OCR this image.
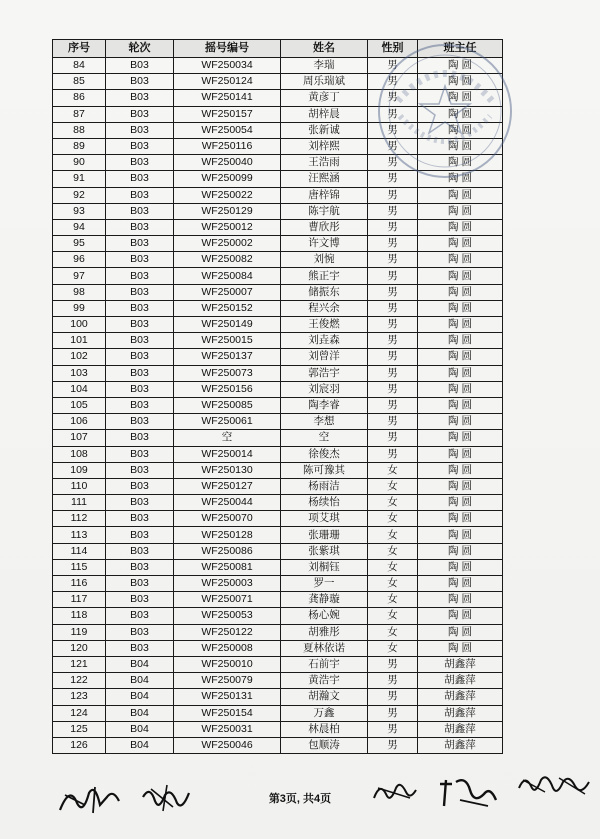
序号	轮次	摇号编号	姓名	性别	班主任
84	B03	WF250034	李瑞	男	陶 圆
85	B03	WF250124	周乐瑞斌	男	陶 圆
86	B03	WF250141	黄彦丁	男	陶 圆
87	B03	WF250157	胡梓晨	男	陶 圆
88	B03	WF250054	张新诚	男	陶 圆
89	B03	WF250116	刘梓熙	男	陶 圆
90	B03	WF250040	王浩雨	男	陶 圆
91	B03	WF250099	汪熙涵	男	陶 圆
92	B03	WF250022	唐梓锦	男	陶 圆
93	B03	WF250129	陈宇航	男	陶 圆
94	B03	WF250012	曹欣彤	男	陶 圆
95	B03	WF250002	许文博	男	陶 圆
96	B03	WF250082	刘惋	男	陶 圆
97	B03	WF250084	熊正宇	男	陶 圆
98	B03	WF250007	储振东	男	陶 圆
99	B03	WF250152	程兴余	男	陶 圆
100	B03	WF250149	王俊燃	男	陶 圆
101	B03	WF250015	刘垚森	男	陶 圆
102	B03	WF250137	刘曾洋	男	陶 圆
103	B03	WF250073	郭浩宇	男	陶 圆
104	B03	WF250156	刘宸羽	男	陶 圆
105	B03	WF250085	陶李睿	男	陶 圆
106	B03	WF250061	李想	男	陶 圆
107	B03	空	空	男	陶 圆
108	B03	WF250014	徐俊杰	男	陶 圆
109	B03	WF250130	陈可豫其	女	陶 圆
110	B03	WF250127	杨雨洁	女	陶 圆
111	B03	WF250044	杨续怡	女	陶 圆
112	B03	WF250070	项艾琪	女	陶 圆
113	B03	WF250128	张珊珊	女	陶 圆
114	B03	WF250086	张紫琪	女	陶 圆
115	B03	WF250081	刘桐钰	女	陶 圆
116	B03	WF250003	罗一	女	陶 圆
117	B03	WF250071	龚静璇	女	陶 圆
118	B03	WF250053	杨心婉	女	陶 圆
119	B03	WF250122	胡雅彤	女	陶 圆
120	B03	WF250008	夏林依诺	女	陶 圆
121	B04	WF250010	石前宇	男	胡鑫萍
122	B04	WF250079	黄浩宇	男	胡鑫萍
123	B04	WF250131	胡瀚文	男	胡鑫萍
124	B04	WF250154	万鑫	男	胡鑫萍
125	B04	WF250031	林晨柏	男	胡鑫萍
126	B04	WF250046	包顺涛	男	胡鑫萍
第3页, 共4页
